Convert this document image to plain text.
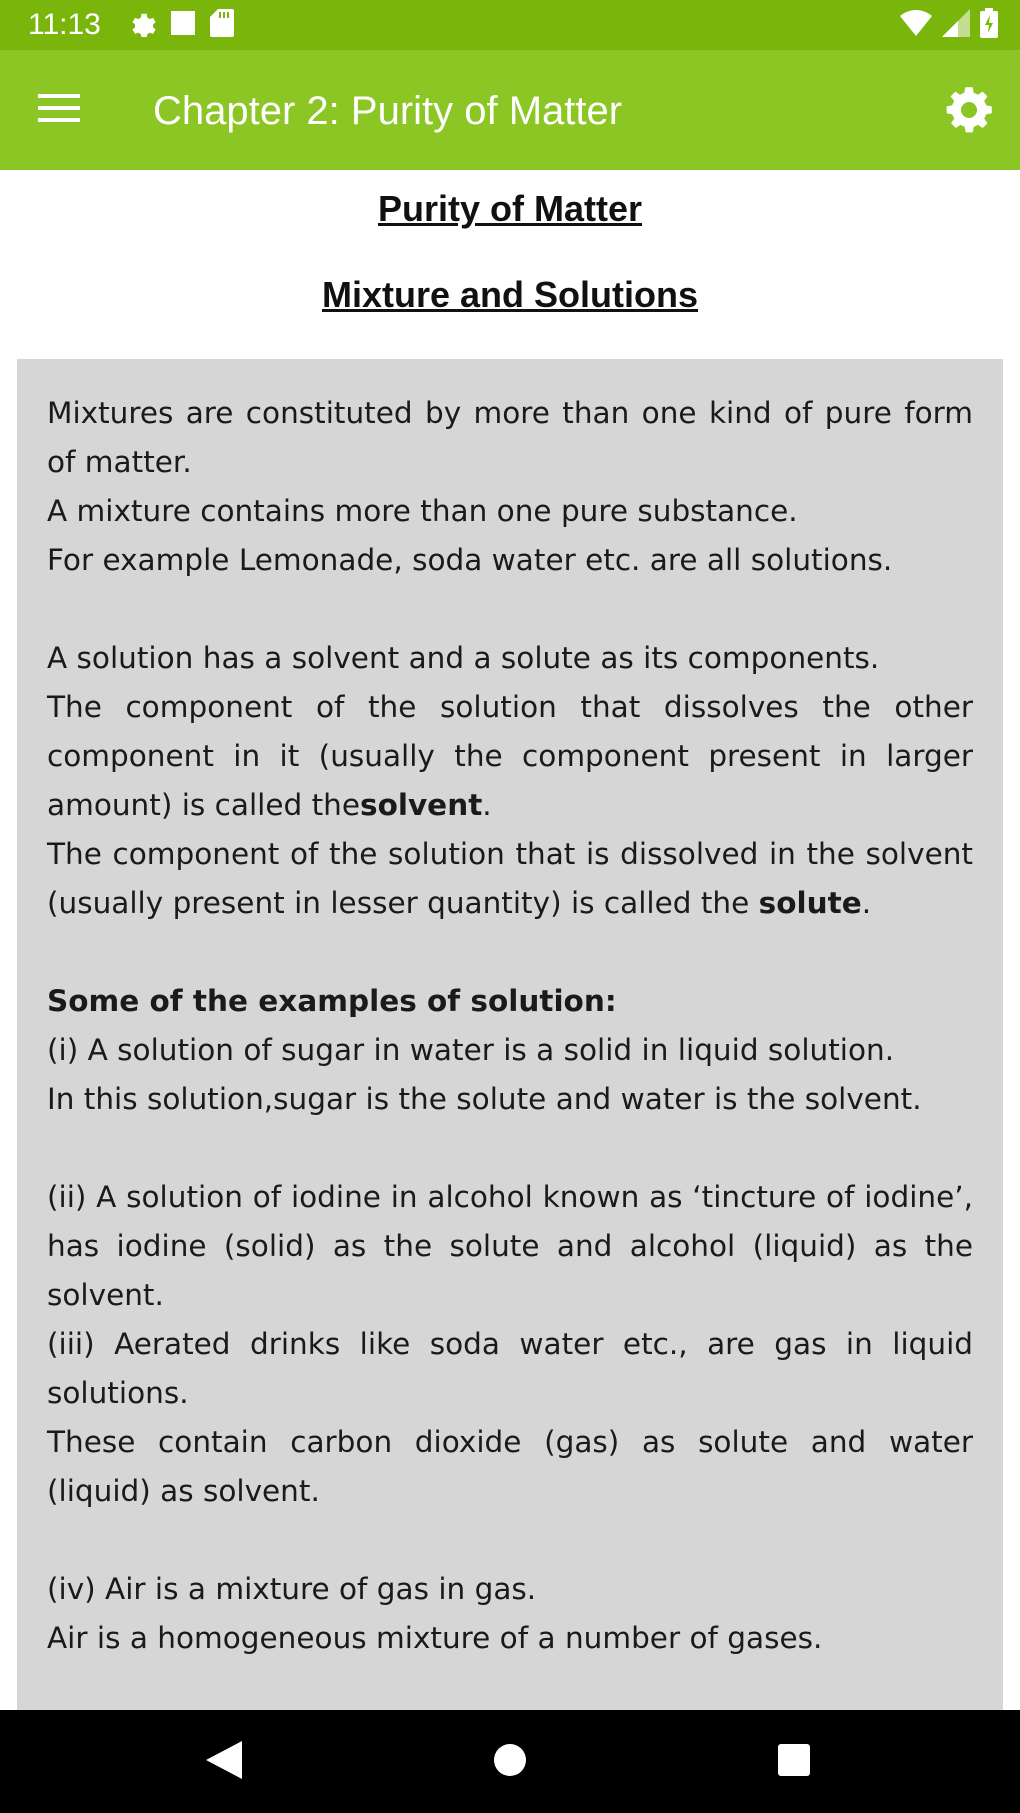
11:13
Chapter 2: Purity of Matter
Purity of Matter
Mixture and Solutions

Mixtures are constituted by more than one kind of pure form of matter.

A mixture contains more than one pure substance.

For example Lemonade, soda water etc. are all solutions.

A solution has a solvent and a solute as its components.

The component of the solution that dissolves the other component in it (usually the component present in larger amount) is called thesolvent.

The component of the solution that is dissolved in the solvent (usually present in lesser quantity) is called the solute.

Some of the examples of solution:

(i) A solution of sugar in water is a solid in liquid solution.

In this solution,sugar is the solute and water is the solvent.

(ii) A solution of iodine in alcohol known as ‘tincture of iodine’, has iodine (solid) as the solute and alcohol (liquid) as the solvent.

(iii) Aerated drinks like soda water etc., are gas in liquid solutions.

These contain carbon dioxide (gas) as solute and water (liquid) as solvent.

(iv) Air is a mixture of gas in gas.

Air is a homogeneous mixture of a number of gases.
